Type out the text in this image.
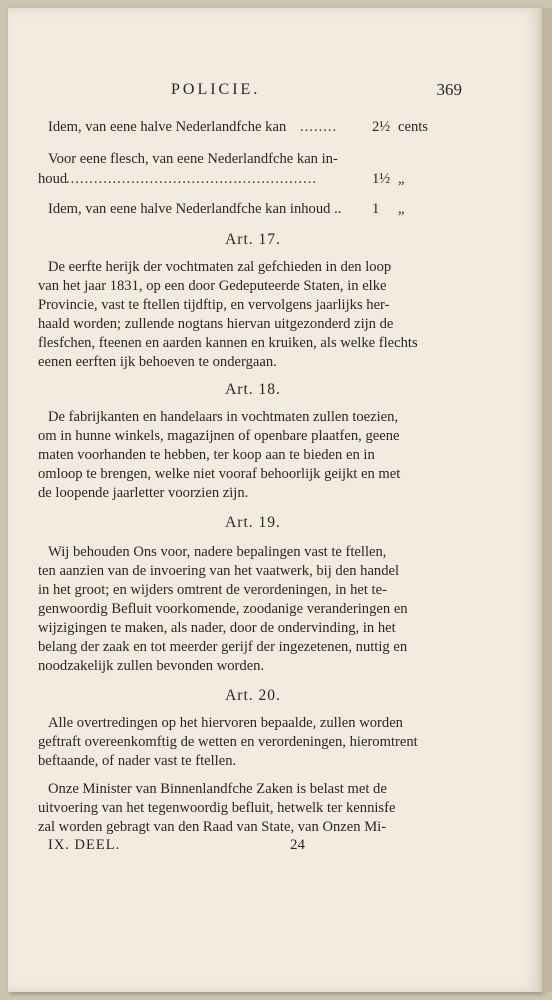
POLICIE.	369
Idem, van eene halve Nederlandfche kan ........ 2½ cents
Voor eene flesch, van eene Nederlandfche kan in-
houd
......................................................	1½ „
Idem, van eene halve Nederlandfche kan inhoud .. 1 „
Art. 17.
De eerfte herijk der vochtmaten zal gefchieden in den loop
van het jaar 1831, op een door Gedeputeerde Staten, in elke
Provincie, vast te ftellen tijdftip, en vervolgens jaarlijks her-
haald worden; zullende nogtans hiervan uitgezonderd zijn de
flesfchen, fteenen en aarden kannen en kruiken, als welke flechts
eenen eerften ijk behoeven te ondergaan.
Art. 18.
De fabrijkanten en handelaars in vochtmaten zullen toezien,
om in hunne winkels, magazijnen of openbare plaatfen, geene
maten voorhanden te hebben, ter koop aan te bieden en in
omloop te brengen, welke niet vooraf behoorlijk geijkt en met
de loopende jaarletter voorzien zijn.
Art. 19.
Wij behouden Ons voor, nadere bepalingen vast te ftellen,
ten aanzien van de invoering van het vaatwerk, bij den handel
in het groot; en wijders omtrent de verordeningen, in het te-
genwoordig Befluit voorkomende, zoodanige veranderingen en
wijzigingen te maken, als nader, door de ondervinding, in het
belang der zaak en tot meerder gerijf der ingezetenen, nuttig en
noodzakelijk zullen bevonden worden.
Art. 20.
Alle overtredingen op het hiervoren bepaalde, zullen worden
geftraft overeenkomftig de wetten en verordeningen, hieromtrent
beftaande, of nader vast te ftellen.
Onze Minister van Binnenlandfche Zaken is belast met de
uitvoering van het tegenwoordig befluit, hetwelk ter kennisfe
zal worden gebragt van den Raad van State, van Onzen Mi-
IX. DEEL.	24
